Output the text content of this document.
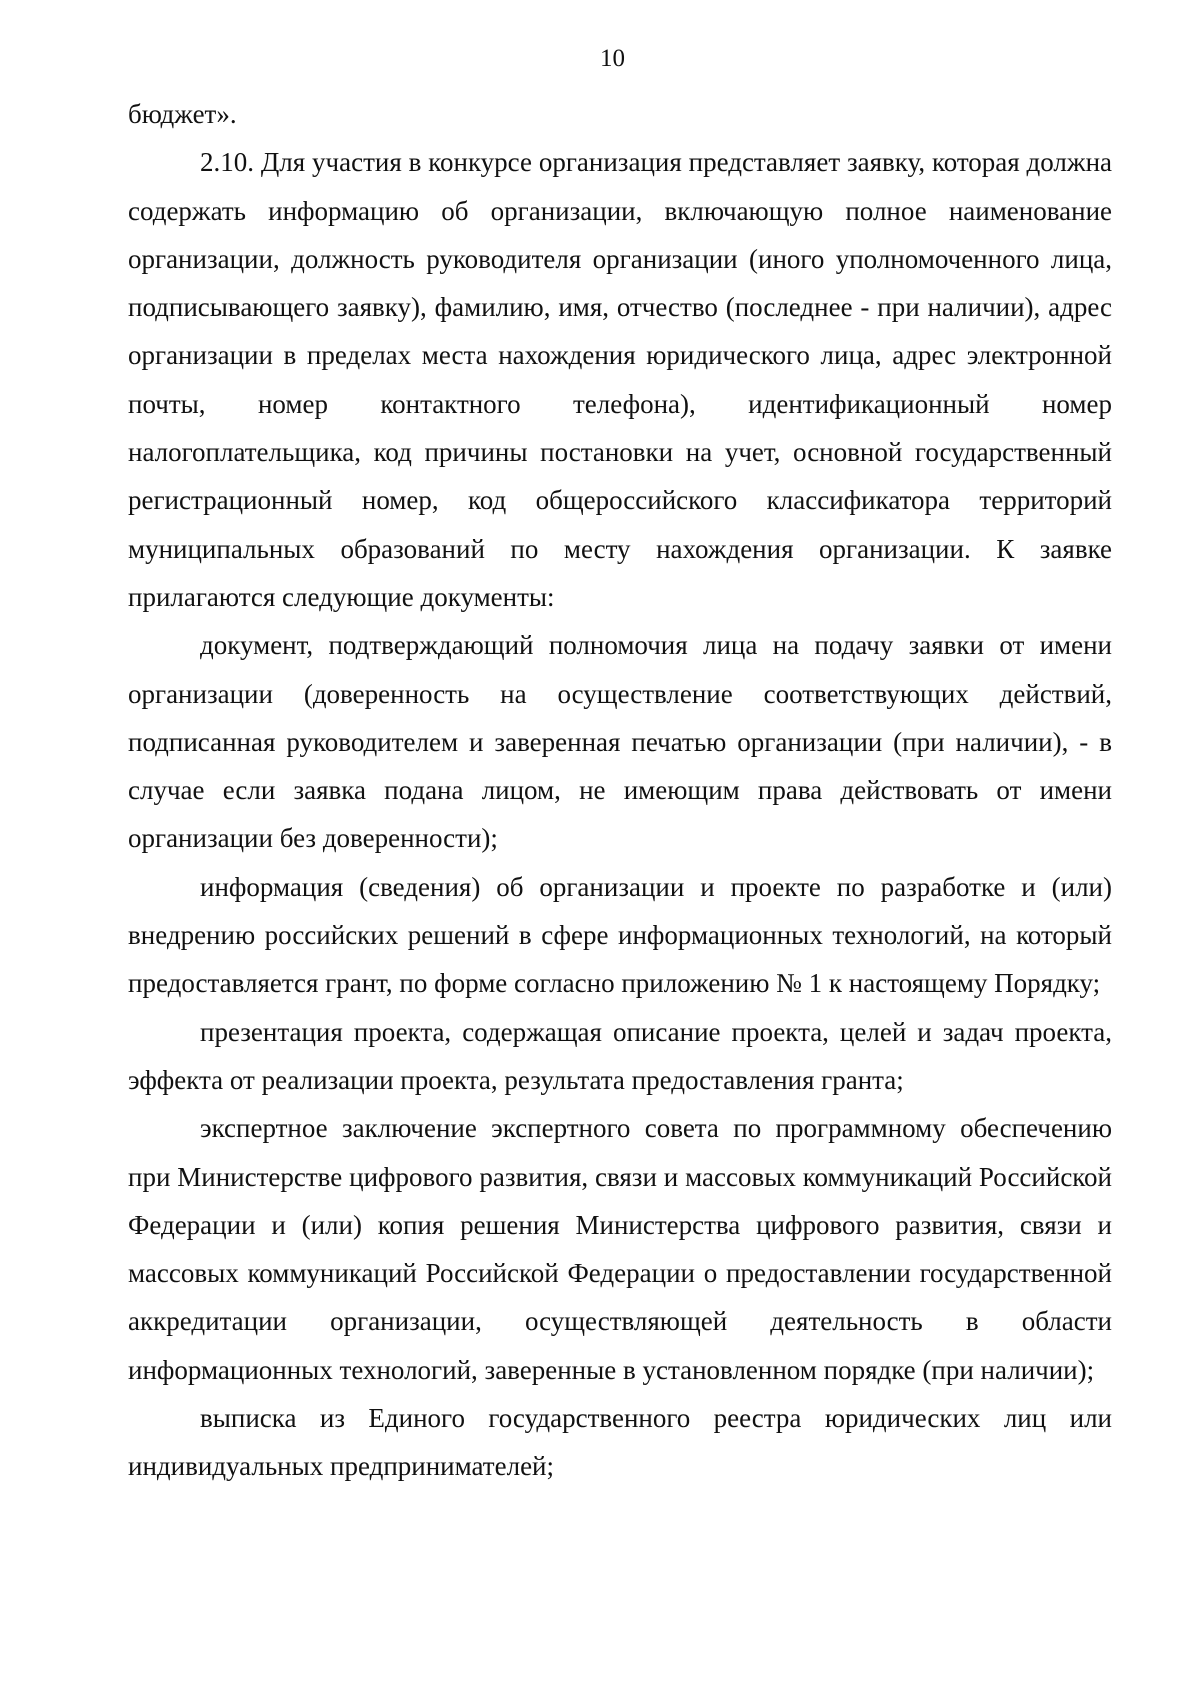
10

бюджет».

2.10. Для участия в конкурсе организация представляет заявку, которая должна содержать информацию об организации, включающую полное наименование организации, должность руководителя организации (иного уполномоченного лица, подписывающего заявку), фамилию, имя, отчество (последнее - при наличии), адрес организации в пределах места нахождения юридического лица, адрес электронной почты, номер контактного телефона), идентификационный номер налогоплательщика, код причины постановки на учет, основной государственный регистрационный номер, код общероссийского классификатора территорий муниципальных образований по месту нахождения организации. К заявке прилагаются следующие документы:

документ, подтверждающий полномочия лица на подачу заявки от имени организации (доверенность на осуществление соответствующих действий, подписанная руководителем и заверенная печатью организации (при наличии), - в случае если заявка подана лицом, не имеющим права действовать от имени организации без доверенности);

информация (сведения) об организации и проекте по разработке и (или) внедрению российских решений в сфере информационных технологий, на который предоставляется грант, по форме согласно приложению № 1 к настоящему Порядку;

презентация проекта, содержащая описание проекта, целей и задач проекта, эффекта от реализации проекта, результата предоставления гранта;

экспертное заключение экспертного совета по программному обеспечению при Министерстве цифрового развития, связи и массовых коммуникаций Российской Федерации и (или) копия решения Министерства цифрового развития, связи и массовых коммуникаций Российской Федерации о предоставлении государственной аккредитации организации, осуществляющей деятельность в области информационных технологий, заверенные в установленном порядке (при наличии);

выписка из Единого государственного реестра юридических лиц или индивидуальных предпринимателей;
